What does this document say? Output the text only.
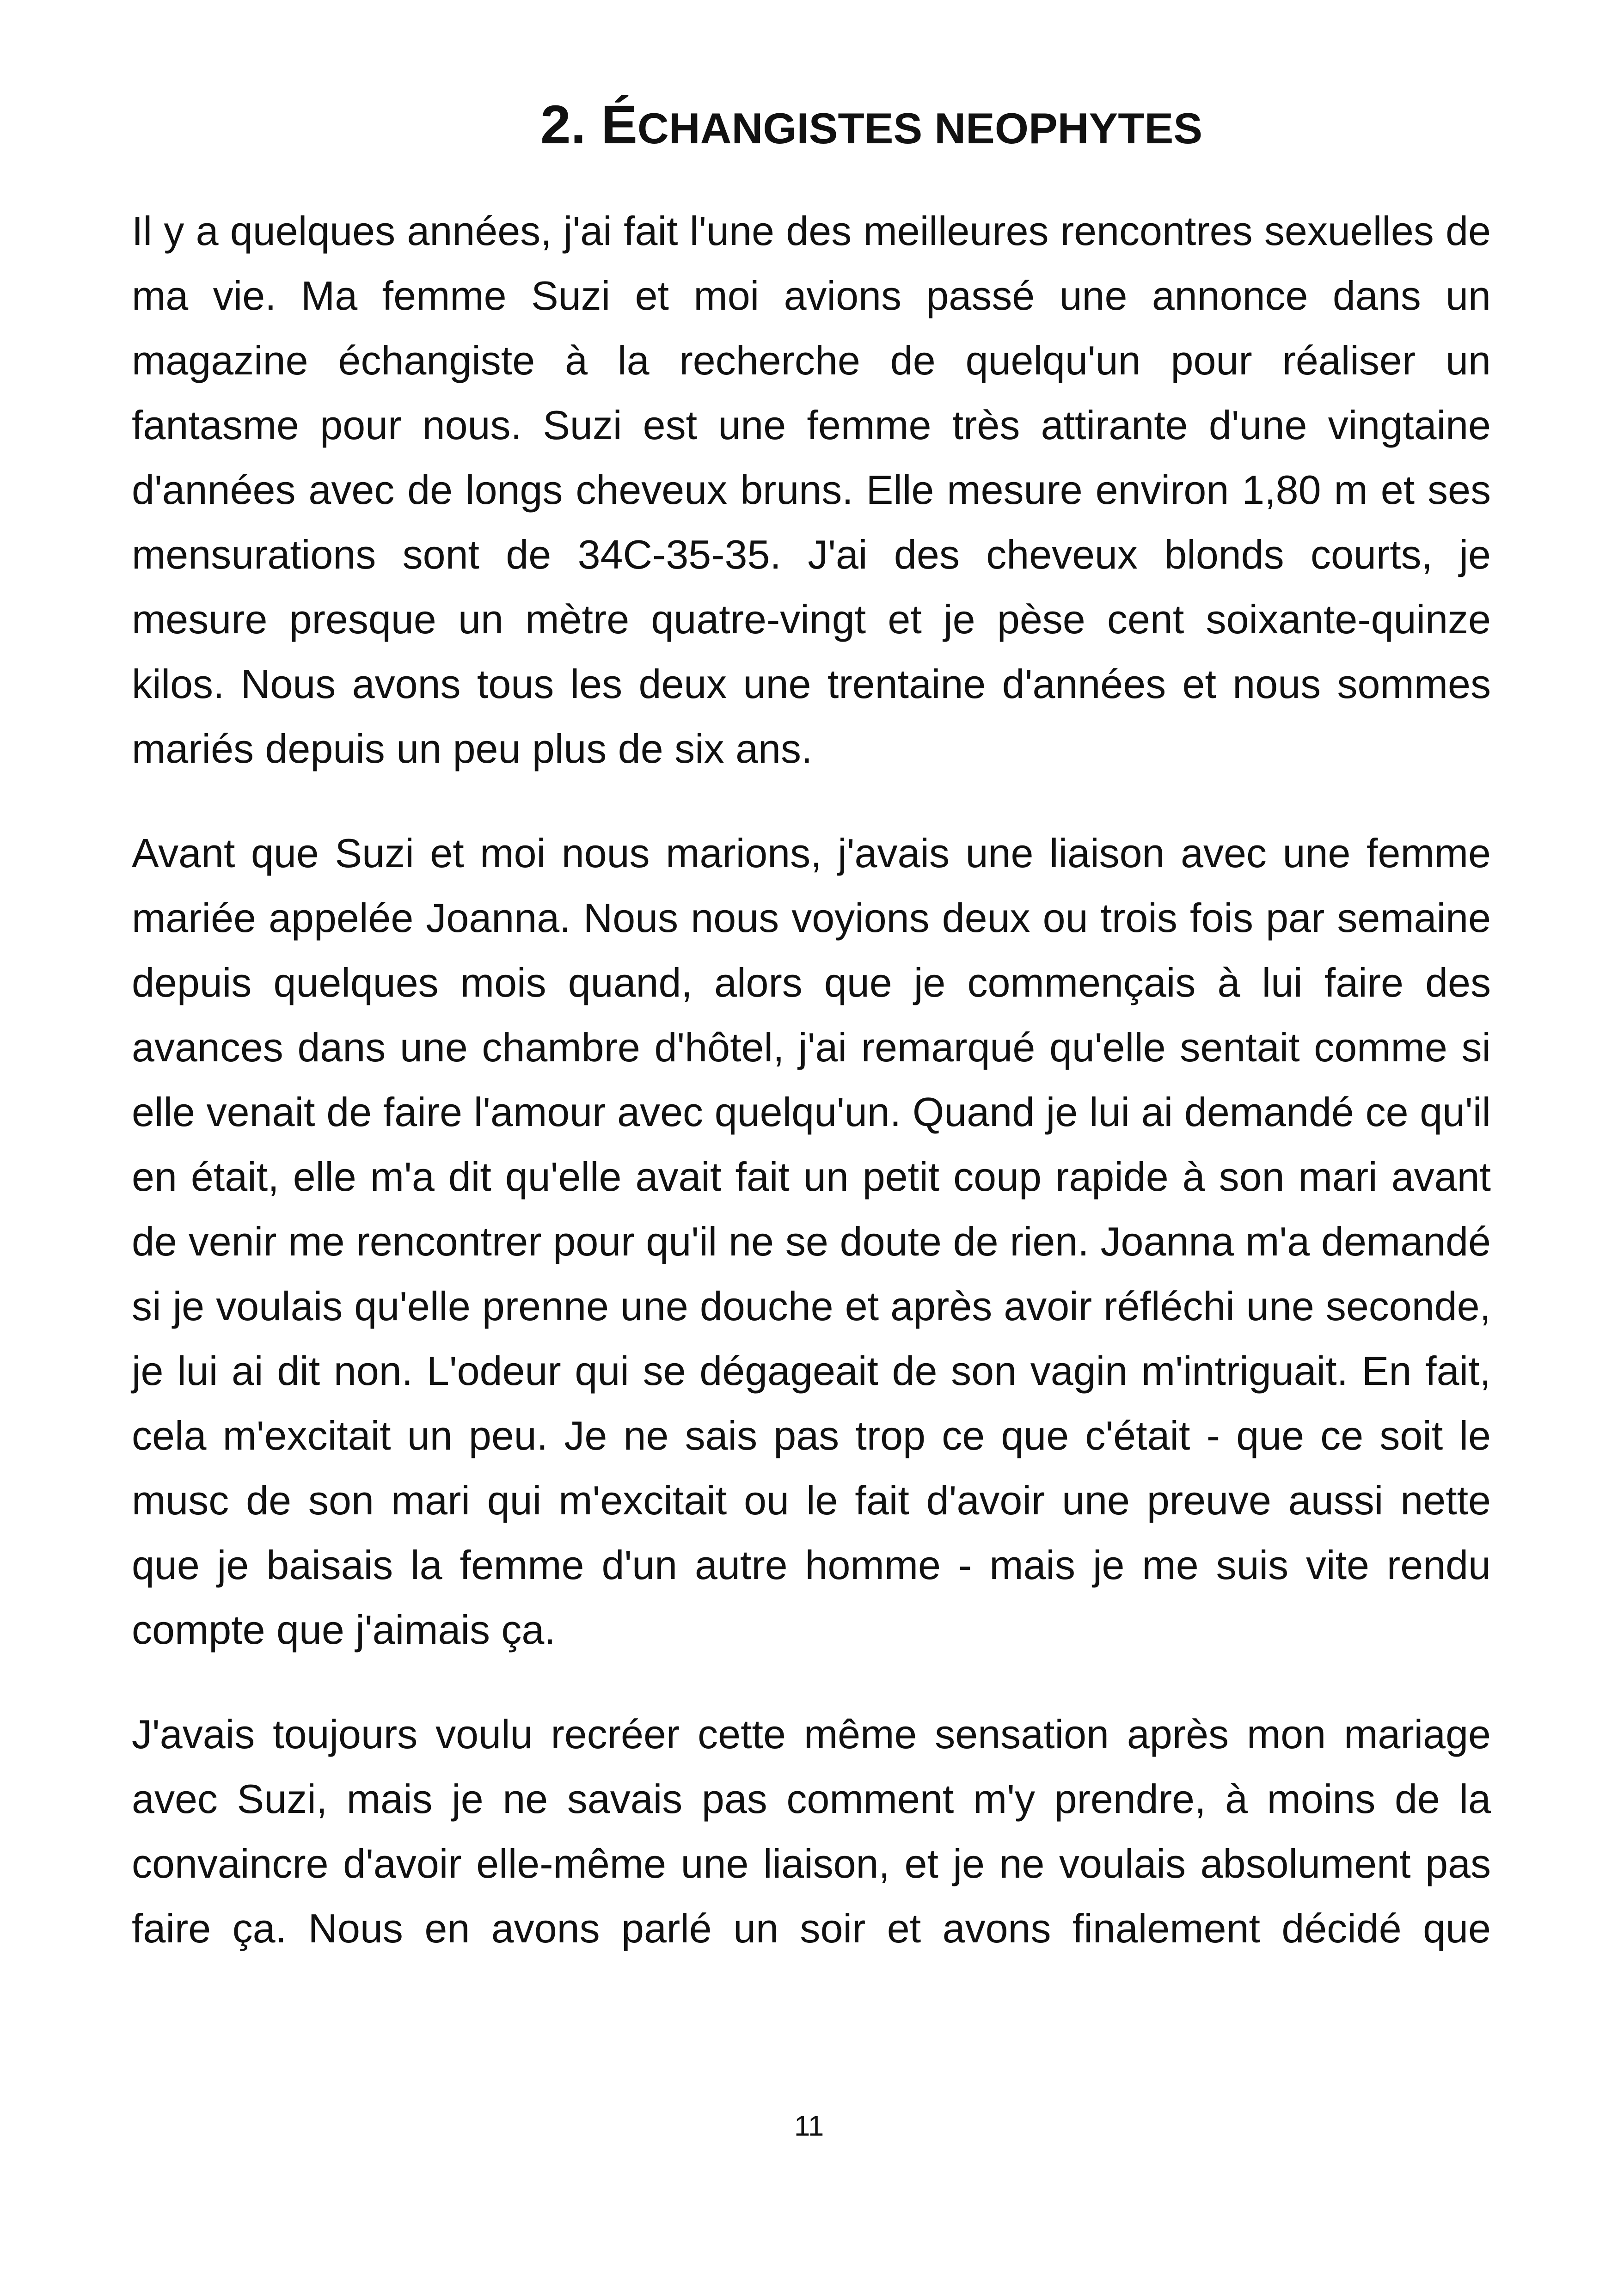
2. ÉCHANGISTES NEOPHYTES

Il y a quelques années, j'ai fait l'une des meilleures rencontres sexuelles de ma vie. Ma femme Suzi et moi avions passé une annonce dans un magazine échangiste à la recherche de quelqu'un pour réaliser un fantasme pour nous. Suzi est une femme très attirante d'une vingtaine d'années avec de longs cheveux bruns. Elle mesure environ 1,80 m et ses mensurations sont de 34C-35-35. J'ai des cheveux blonds courts, je mesure presque un mètre quatre-vingt et je pèse cent soixante-quinze kilos. Nous avons tous les deux une trentaine d'années et nous sommes mariés depuis un peu plus de six ans.

Avant que Suzi et moi nous marions, j'avais une liaison avec une femme mariée appelée Joanna. Nous nous voyions deux ou trois fois par semaine depuis quelques mois quand, alors que je commençais à lui faire des avances dans une chambre d'hôtel, j'ai remarqué qu'elle sentait comme si elle venait de faire l'amour avec quelqu'un. Quand je lui ai demandé ce qu'il en était, elle m'a dit qu'elle avait fait un petit coup rapide à son mari avant de venir me rencontrer pour qu'il ne se doute de rien. Joanna m'a demandé si je voulais qu'elle prenne une douche et après avoir réfléchi une seconde, je lui ai dit non. L'odeur qui se dégageait de son vagin m'intriguait. En fait, cela m'excitait un peu. Je ne sais pas trop ce que c'était - que ce soit le musc de son mari qui m'excitait ou le fait d'avoir une preuve aussi nette que je baisais la femme d'un autre homme - mais je me suis vite rendu compte que j'aimais ça.

J'avais toujours voulu recréer cette même sensation après mon mariage avec Suzi, mais je ne savais pas comment m'y prendre, à moins de la convaincre d'avoir elle-même une liaison, et je ne voulais absolument pas faire ça. Nous en avons parlé un soir et avons finalement décidé que

11
